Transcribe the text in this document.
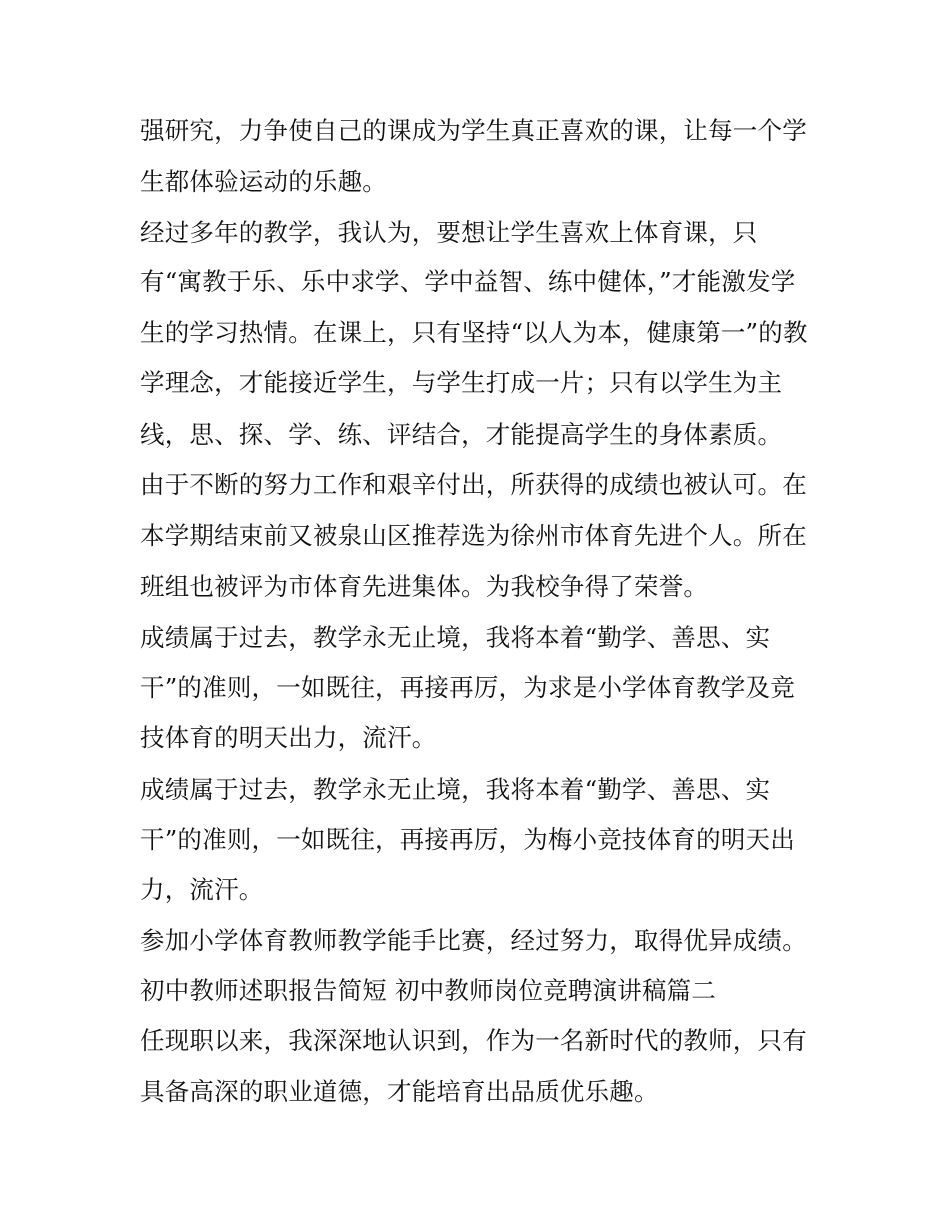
强研究，力争使自己的课成为学生真正喜欢的课，让每一个学

生都体验运动的乐趣。

经过多年的教学，我认为，要想让学生喜欢上体育课，只

有“寓教于乐、乐中求学、学中益智、练中健体，”才能激发学

生的学习热情。在课上，只有坚持“以人为本，健康第一”的教

学理念，才能接近学生，与学生打成一片；只有以学生为主

线，思、探、学、练、评结合，才能提高学生的身体素质。

由于不断的努力工作和艰辛付出，所获得的成绩也被认可。在

本学期结束前又被泉山区推荐选为徐州市体育先进个人。所在

班组也被评为市体育先进集体。为我校争得了荣誉。

成绩属于过去，教学永无止境，我将本着“勤学、善思、实

干”的准则，一如既往，再接再厉，为求是小学体育教学及竞

技体育的明天出力，流汗。

成绩属于过去，教学永无止境，我将本着“勤学、善思、实

干”的准则，一如既往，再接再厉，为梅小竞技体育的明天出

力，流汗。

参加小学体育教师教学能手比赛，经过努力，取得优异成绩。

初中教师述职报告简短 初中教师岗位竞聘演讲稿篇二

任现职以来，我深深地认识到，作为一名新时代的教师，只有

具备高深的职业道德，才能培育出品质优乐趣。
